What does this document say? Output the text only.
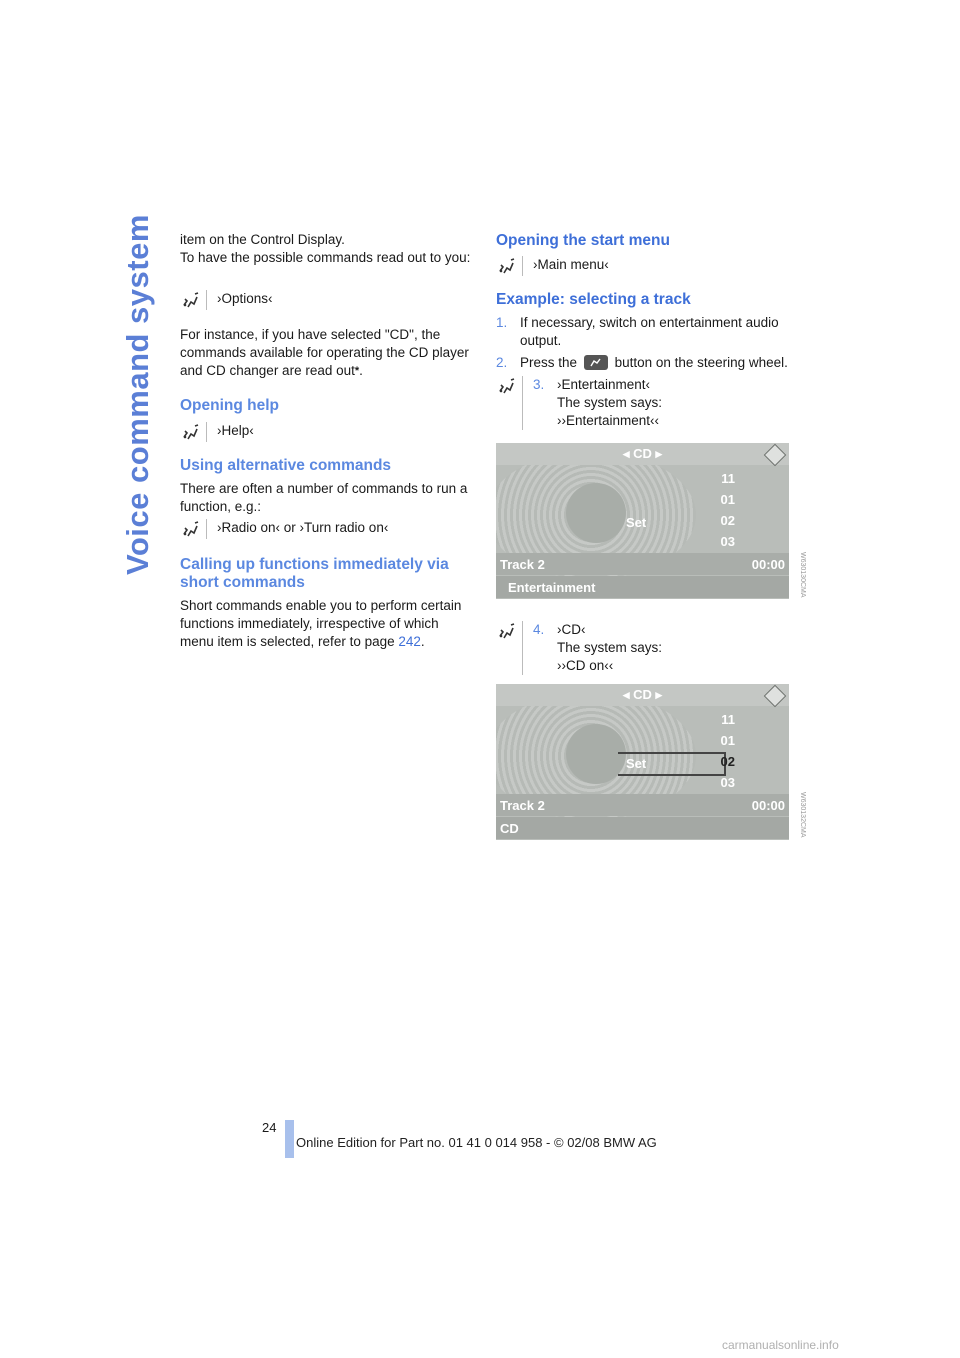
Voice command system item on the Control Display.

To have the possible commands read out to you:

›Options‹

For instance, if you have selected "CD", the commands available for operating the CD player and CD changer are read out*.

Opening help

›Help‹

Using alternative commands

There are often a number of commands to run a function, e.g.:

›Radio on‹ or ›Turn radio on‹

Calling up functions immediately via short commands

Short commands enable you to perform certain functions immediately, irrespective of which menu item is selected, refer to page 242.

Opening the start menu

›Main menu‹

Example: selecting a track

1. If necessary, switch on entertainment audio output.
2. Press the	button on the steering wheel.
3. ›Entertainment‹
The system says:
››Entertainment‹‹
◂ CD ▸
11
01
02
03
Set
Track 2	00:00
Entertainment	W630130CMA
4. ›CD‹
The system says:
››CD on‹‹
◂ CD ▸
11
01
02
03
Set
Track 2	00:00
CD	W630132CMA
24
Online Edition for Part no. 01 41 0 014 958 - © 02/08 BMW AG
carmanualsonline.info
